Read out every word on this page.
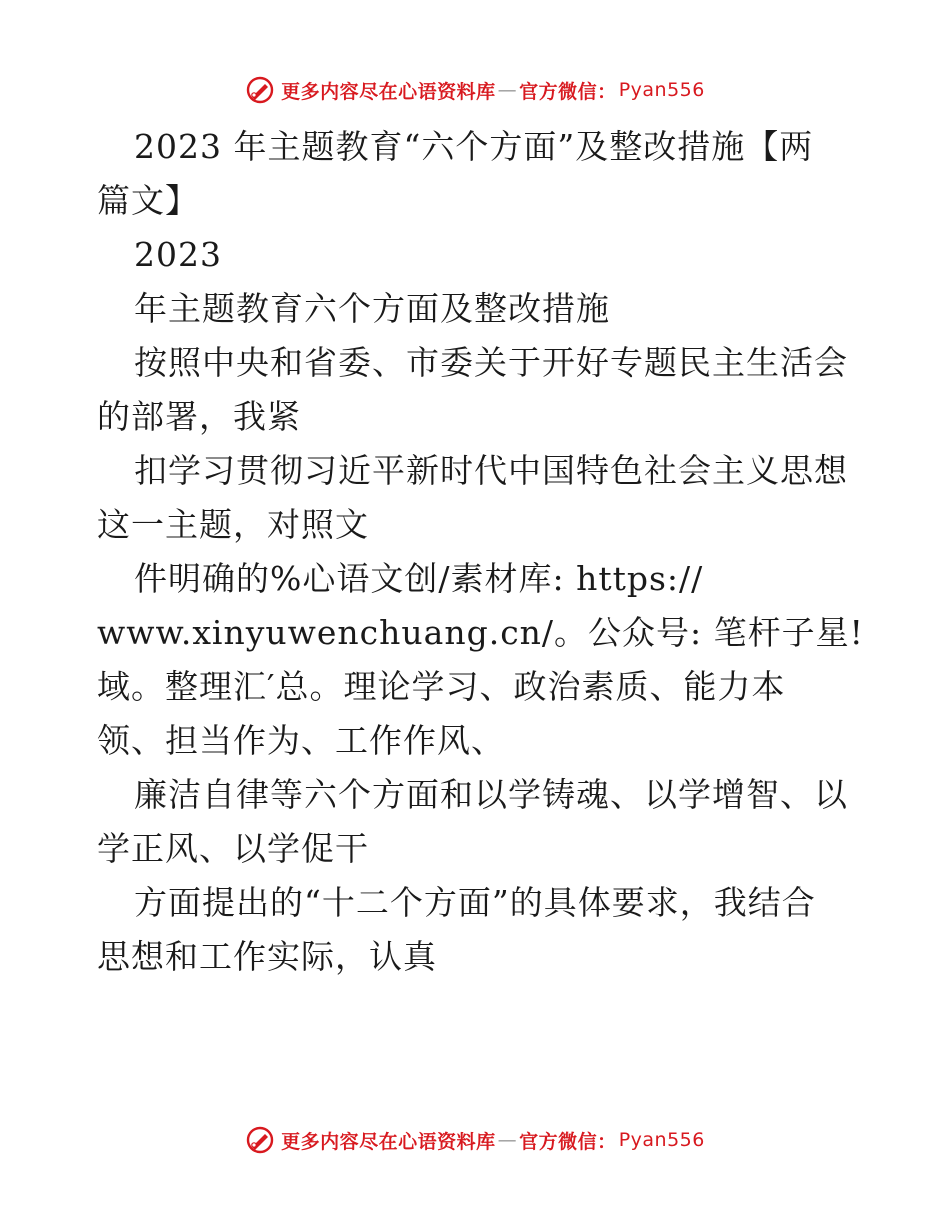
更多内容尽在心语资料库 — 官方微信： Pyan556
2023 年主题教育“六个方面”及整改措施【两
篇文】
2023
年主题教育六个方面及整改措施
按照中央和省委、市委关于开好专题民主生活会
的部署，我紧
扣学习贯彻习近平新时代中国特色社会主义思想
这一主题，对照文
件明确的%心语文创/素材库: https://
www.xinyuwenchuang.cn/。公众号: 笔杆子星!
域。整理汇′总。理论学习、政治素质、能力本
领、担当作为、工作作风、
廉洁自律等六个方面和以学铸魂、以学增智、以
学正风、以学促干
方面提出的“十二个方面”的具体要求，我结合
思想和工作实际，认真
更多内容尽在心语资料库 — 官方微信： Pyan556
